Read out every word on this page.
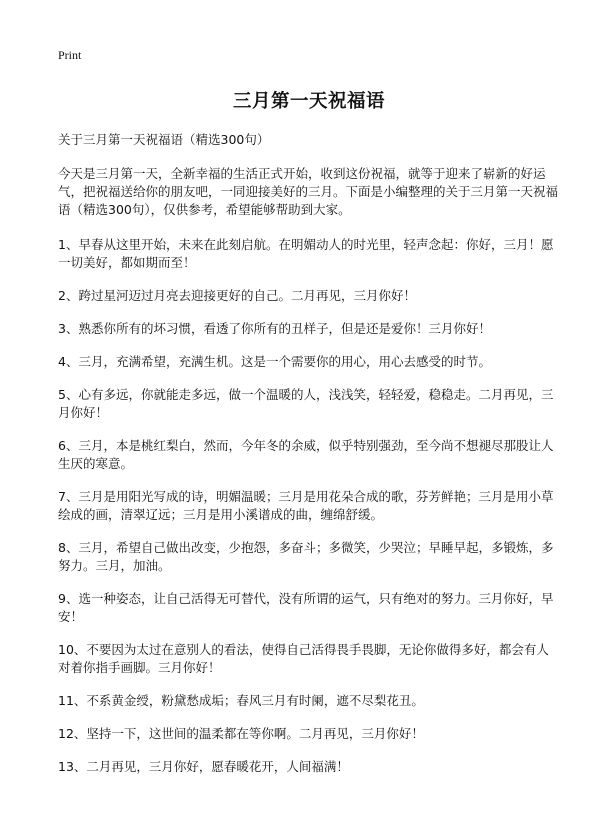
Print
三月第一天祝福语
关于三月第一天祝福语（精选300句）
今天是三月第一天，全新幸福的生活正式开始，收到这份祝福，就等于迎来了崭新的好运气，把祝福送给你的朋友吧，一同迎接美好的三月。下面是小编整理的关于三月第一天祝福语（精选300句），仅供参考，希望能够帮助到大家。
1、早春从这里开始，未来在此刻启航。在明媚动人的时光里，轻声念起：你好，三月！愿一切美好，都如期而至！
2、跨过星河迈过月亮去迎接更好的自己。二月再见，三月你好！
3、熟悉你所有的坏习惯，看透了你所有的丑样子，但是还是爱你！三月你好！
4、三月，充满希望，充满生机。这是一个需要你的用心，用心去感受的时节。
5、心有多远，你就能走多远，做一个温暖的人，浅浅笑，轻轻爱，稳稳走。二月再见，三月你好！
6、三月，本是桃红梨白，然而，今年冬的余威，似乎特别强劲，至今尚不想褪尽那股让人生厌的寒意。
7、三月是用阳光写成的诗，明媚温暖；三月是用花朵合成的歌，芬芳鲜艳；三月是用小草绘成的画，清翠辽远；三月是用小溪谱成的曲，缠绵舒缓。
8、三月，希望自己做出改变，少抱怨，多奋斗；多微笑，少哭泣；早睡早起，多锻炼，多努力。三月，加油。
9、选一种姿态，让自己活得无可替代，没有所谓的运气，只有绝对的努力。三月你好，早安！
10、不要因为太过在意别人的看法，使得自己活得畏手畏脚，无论你做得多好，都会有人对着你指手画脚。三月你好！
11、不系黄金绶，粉黛愁成垢；春风三月有时阑，遮不尽梨花丑。
12、坚持一下，这世间的温柔都在等你啊。二月再见，三月你好！
13、二月再见，三月你好，愿春暖花开，人间福满！
